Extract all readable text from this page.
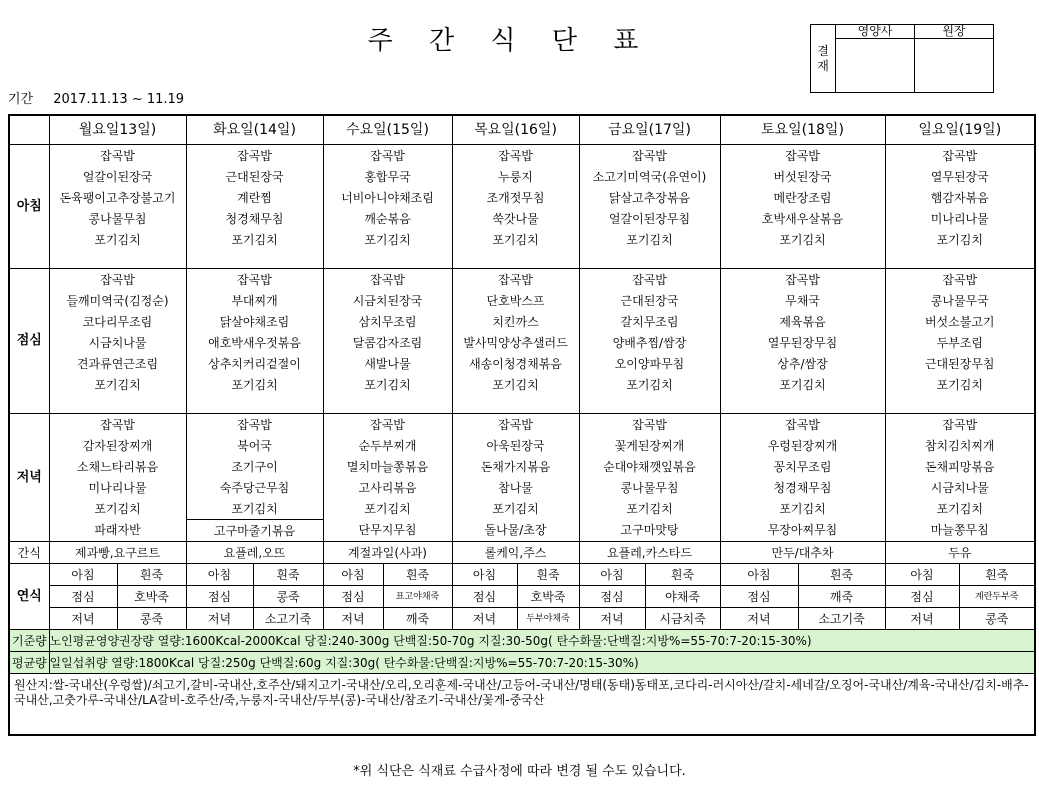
주 간 식 단 표
기간 2017.11.13 ~ 11.19
결
재	영양사	원장

	월요일13일)		화요일(14일)		수요일(15일)		목요일(16일)		금요일(17일)		토요일(18일)		일요일(19일)	
아침	잡곡밥		잡곡밥		잡곡밥		잡곡밥		잡곡밥		잡곡밥		잡곡밥	
	얼갈이된장국		근대된장국		홍합무국		누룽지		소고기미역국(유연이)		버섯된장국		열무된장국	
	돈육팽이고추장불고기		계란찜		너비아니야채조림		조개젓무침		닭살고추장볶음		메란장조림		햄감자볶음	
	콩나물무침		청경채무침		깨순볶음		쑥갓나물		얼갈이된장무침		호박새우살볶음		미나리나물	
	포기김치		포기김치		포기김치		포기김치		포기김치		포기김치		포기김치	

점심	잡곡밥		잡곡밥		잡곡밥		잡곡밥		잡곡밥		잡곡밥		잡곡밥	
	들깨미역국(김정순)		부대찌개		시금치된장국		단호박스프		근대된장국		무채국		콩나물무국	
	코다리무조림		닭살야채조림		삼치무조림		치킨까스		갈치무조림		제육볶음		버섯소불고기	
	시금치나물		애호박새우젓볶음		달콤감자조림		발사믹양상추샐러드		양배추찜/쌈장		열무된장무침		두부조림	
	견과류연근조림		상추치커리겉절이		새발나물		새송이청경채볶음		오이양파무침		상추/쌈장		근대된장무침	
	포기김치		포기김치		포기김치		포기김치		포기김치		포기김치		포기김치	

저녁	잡곡밥		잡곡밥		잡곡밥		잡곡밥		잡곡밥		잡곡밥		잡곡밥	
	감자된장찌개		북어국		순두부찌개		아욱된장국		꽃게된장찌개		우렁된장찌개		참치김치찌개	
	소채느타리볶음		조기구이		멸치마늘쫑볶음		돈채가지볶음		순대야채깻잎볶음		꽁치무조림		돈채피망볶음	
	미나리나물		숙주당근무침		고사리볶음		참나물		콩나물무침		청경채무침		시금치나물	
	포기김치		포기김치		포기김치		포기김치		포기김치		포기김치		포기김치	
	파래자반		고구마줄기볶음		단무지무침		돌나물/초장		고구마맛탕		무장아찌무침		마늘쫑무침	
간식	제과빵,요구르트		요플레,오뜨		계절과일(사과)		롤케익,주스		요플레,카스타드		만두/대추차		두유	
연식	아침	흰죽	아침	흰죽	아침	흰죽	아침	흰죽	아침	흰죽	아침	흰죽	아침	흰죽
	점심	호박죽	점심	콩죽	점심	표고야채죽	점심	호박죽	점심	야채죽	점심	깨죽	점심	계란두부죽
	저녁	콩죽	저녁	소고기죽	저녁	깨죽	저녁	두부야채죽	저녁	시금치죽	저녁	소고기죽	저녁	콩죽
기준량	노인평균영양권장량 열량:1600Kcal-2000Kcal 당질:240-300g 단백질:50-70g 지질:30-50g( 탄수화물:단백질:지방%=55-70:7-20:15-30%)													
평균량	일일섭취량 열량:1800Kcal 당질:250g 단백질:60g 지질:30g( 탄수화물:단백질:지방%=55-70:7-20:15-30%)													
원산지:쌀-국내산(우렁쌀)/쇠고기,갈비-국내산,호주산/돼지고기-국내산/오리,오리훈제-국내산/고등어-국내산/명태(동태)동태포,코다리-러시아산/갈치-세네갈/오징어-국내산/계육-국내산/김치-배추-국내산,고춧가루-국내산/LA갈비-호주산/죽,누룽지-국내산/두부(콩)-국내산/참조기-국내산/꽃게-중국산														
*위 식단은 식재료 수급사정에 따라 변경 될 수도 있습니다.
